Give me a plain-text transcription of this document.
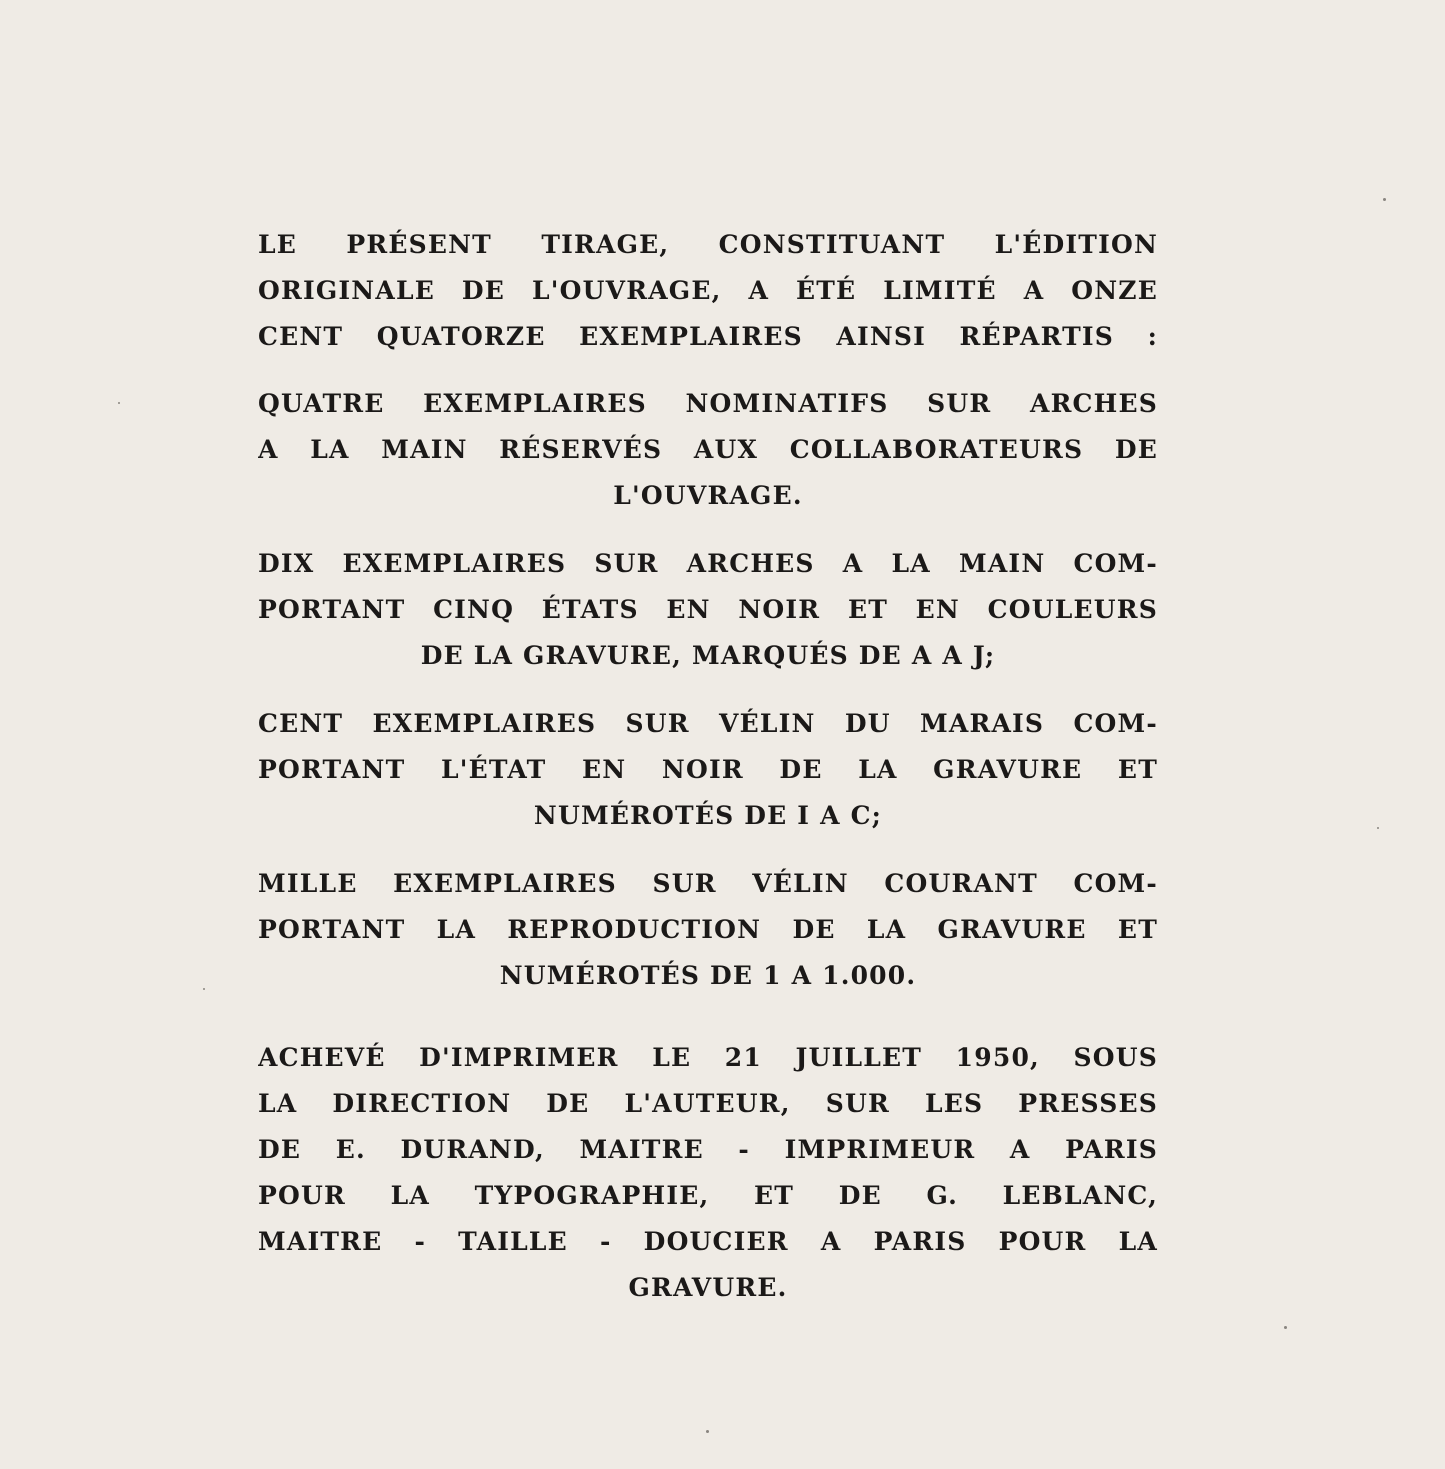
LE PRÉSENT TIRAGE, CONSTITUANT L'ÉDITION
ORIGINALE DE L'OUVRAGE, A ÉTÉ LIMITÉ A ONZE
CENT QUATORZE EXEMPLAIRES AINSI RÉPARTIS :

QUATRE EXEMPLAIRES NOMINATIFS SUR ARCHES
A LA MAIN RÉSERVÉS AUX COLLABORATEURS DE
L'OUVRAGE.

DIX EXEMPLAIRES SUR ARCHES A LA MAIN COM-
PORTANT CINQ ÉTATS EN NOIR ET EN COULEURS
DE LA GRAVURE, MARQUÉS DE A A J;

CENT EXEMPLAIRES SUR VÉLIN DU MARAIS COM-
PORTANT L'ÉTAT EN NOIR DE LA GRAVURE ET
NUMÉROTÉS DE I A C;

MILLE EXEMPLAIRES SUR VÉLIN COURANT COM-
PORTANT LA REPRODUCTION DE LA GRAVURE ET
NUMÉROTÉS DE 1 A 1.000.

ACHEVÉ D'IMPRIMER LE 21 JUILLET 1950, SOUS
LA DIRECTION DE L'AUTEUR, SUR LES PRESSES
DE E. DURAND, MAITRE - IMPRIMEUR A PARIS
POUR LA TYPOGRAPHIE, ET DE G. LEBLANC,
MAITRE - TAILLE - DOUCIER A PARIS POUR LA
GRAVURE.
